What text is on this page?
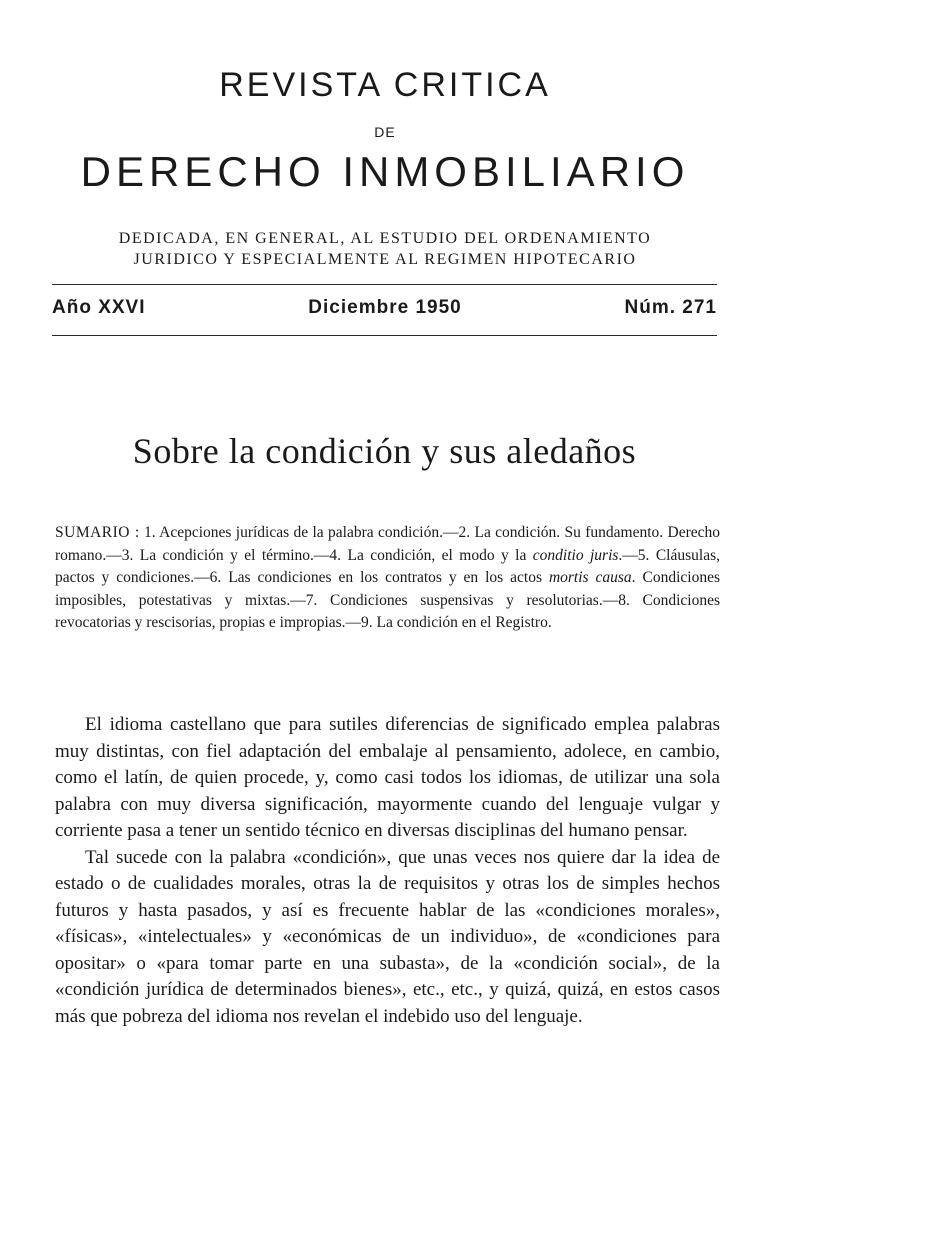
REVISTA CRITICA
DE
DERECHO INMOBILIARIO
DEDICADA, EN GENERAL, AL ESTUDIO DEL ORDENAMIENTO
JURIDICO Y ESPECIALMENTE AL REGIMEN HIPOTECARIO
Año XXVI	Diciembre 1950	Núm. 271
Sobre la condición y sus aledaños
SUMARIO : 1. Acepciones jurídicas de la palabra condición.—2. La condición. Su fundamento. Derecho romano.—3. La condición y el término.—4. La condición, el modo y la conditio juris.—5. Cláusulas, pactos y condiciones.—6. Las condiciones en los contratos y en los actos mortis causa. Condiciones imposibles, potestativas y mixtas.—7. Condiciones suspensivas y resolutorias.—8. Condiciones revocatorias y rescisorias, propias e impropias.—9. La condición en el Registro.

El idioma castellano que para sutiles diferencias de significado emplea palabras muy distintas, con fiel adaptación del embalaje al pensamiento, adolece, en cambio, como el latín, de quien procede, y, como casi todos los idiomas, de utilizar una sola palabra con muy diversa significación, mayormente cuando del lenguaje vulgar y corriente pasa a tener un sentido técnico en diversas disciplinas del humano pensar.

Tal sucede con la palabra «condición», que unas veces nos quiere dar la idea de estado o de cualidades morales, otras la de requisitos y otras los de simples hechos futuros y hasta pasados, y así es frecuente hablar de las «condiciones morales», «físicas», «intelectuales» y «económicas de un individuo», de «condiciones para opositar» o «para tomar parte en una subasta», de la «condición social», de la «condición jurídica de determinados bienes», etc., etc., y quizá, quizá, en estos casos más que pobreza del idioma nos revelan el indebido uso del lenguaje.
